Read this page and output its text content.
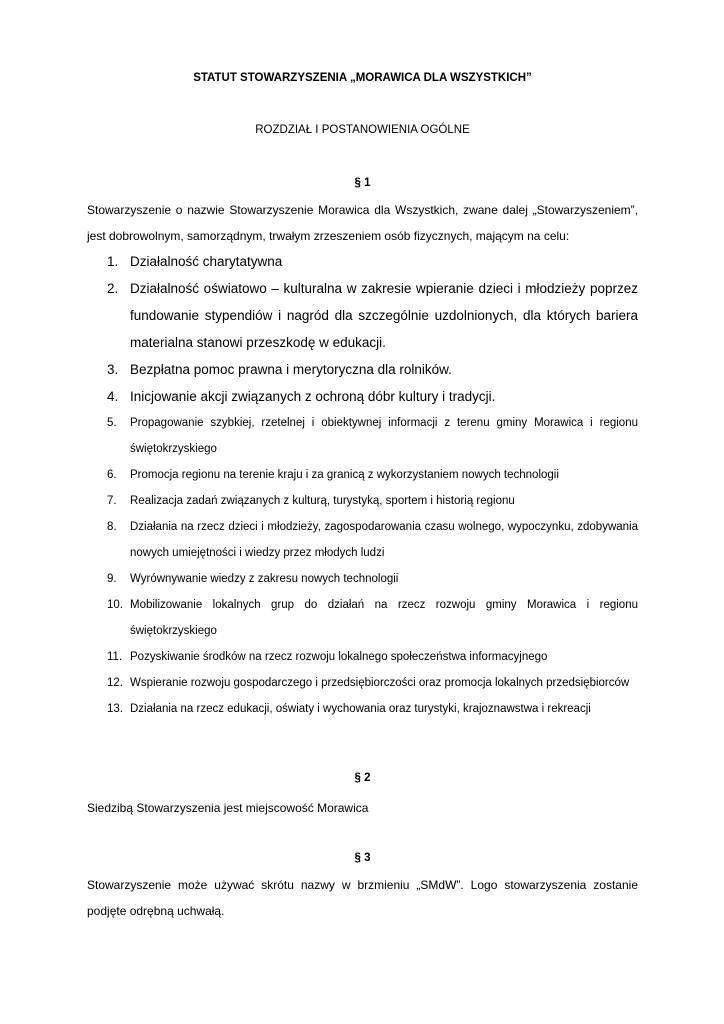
STATUT STOWARZYSZENIA „MORAWICA DLA WSZYSTKICH”
ROZDZIAŁ I POSTANOWIENIA OGÓLNE
§ 1
Stowarzyszenie o nazwie Stowarzyszenie Morawica dla Wszystkich, zwane dalej „Stowarzyszeniem”, jest dobrowolnym, samorządnym, trwałym zrzeszeniem osób fizycznych, mającym na celu:
1. Działalność charytatywna
2. Działalność oświatowo – kulturalna w zakresie wpieranie dzieci i młodzieży poprzez fundowanie stypendiów i nagród dla szczególnie uzdolnionych, dla których bariera materialna stanowi przeszkodę w edukacji.
3. Bezpłatna pomoc prawna i merytoryczna dla rolników.
4. Inicjowanie akcji związanych z ochroną dóbr kultury i tradycji.
5. Propagowanie szybkiej, rzetelnej i obiektywnej informacji z terenu gminy Morawica i regionu świętokrzyskiego
6. Promocja regionu na terenie kraju i za granicą z wykorzystaniem nowych technologii
7. Realizacja zadań związanych z kulturą, turystyką, sportem i historią regionu
8. Działania na rzecz dzieci i młodzieży, zagospodarowania czasu wolnego, wypoczynku, zdobywania nowych umiejętności i wiedzy przez młodych ludzi
9. Wyrównywanie wiedzy z zakresu nowych technologii
10. Mobilizowanie lokalnych grup do działań na rzecz rozwoju gminy Morawica i regionu świętokrzyskiego
11. Pozyskiwanie środków na rzecz rozwoju lokalnego społeczeństwa informacyjnego
12. Wspieranie rozwoju gospodarczego i przedsiębiorczości oraz promocja lokalnych przedsiębiorców
13. Działania na rzecz edukacji, oświaty i wychowania oraz turystyki, krajoznawstwa i rekreacji
§ 2
Siedzibą Stowarzyszenia jest miejscowość Morawica
§ 3
Stowarzyszenie może używać skrótu nazwy w brzmieniu „SMdW”. Logo stowarzyszenia zostanie podjęte odrębną uchwałą.
